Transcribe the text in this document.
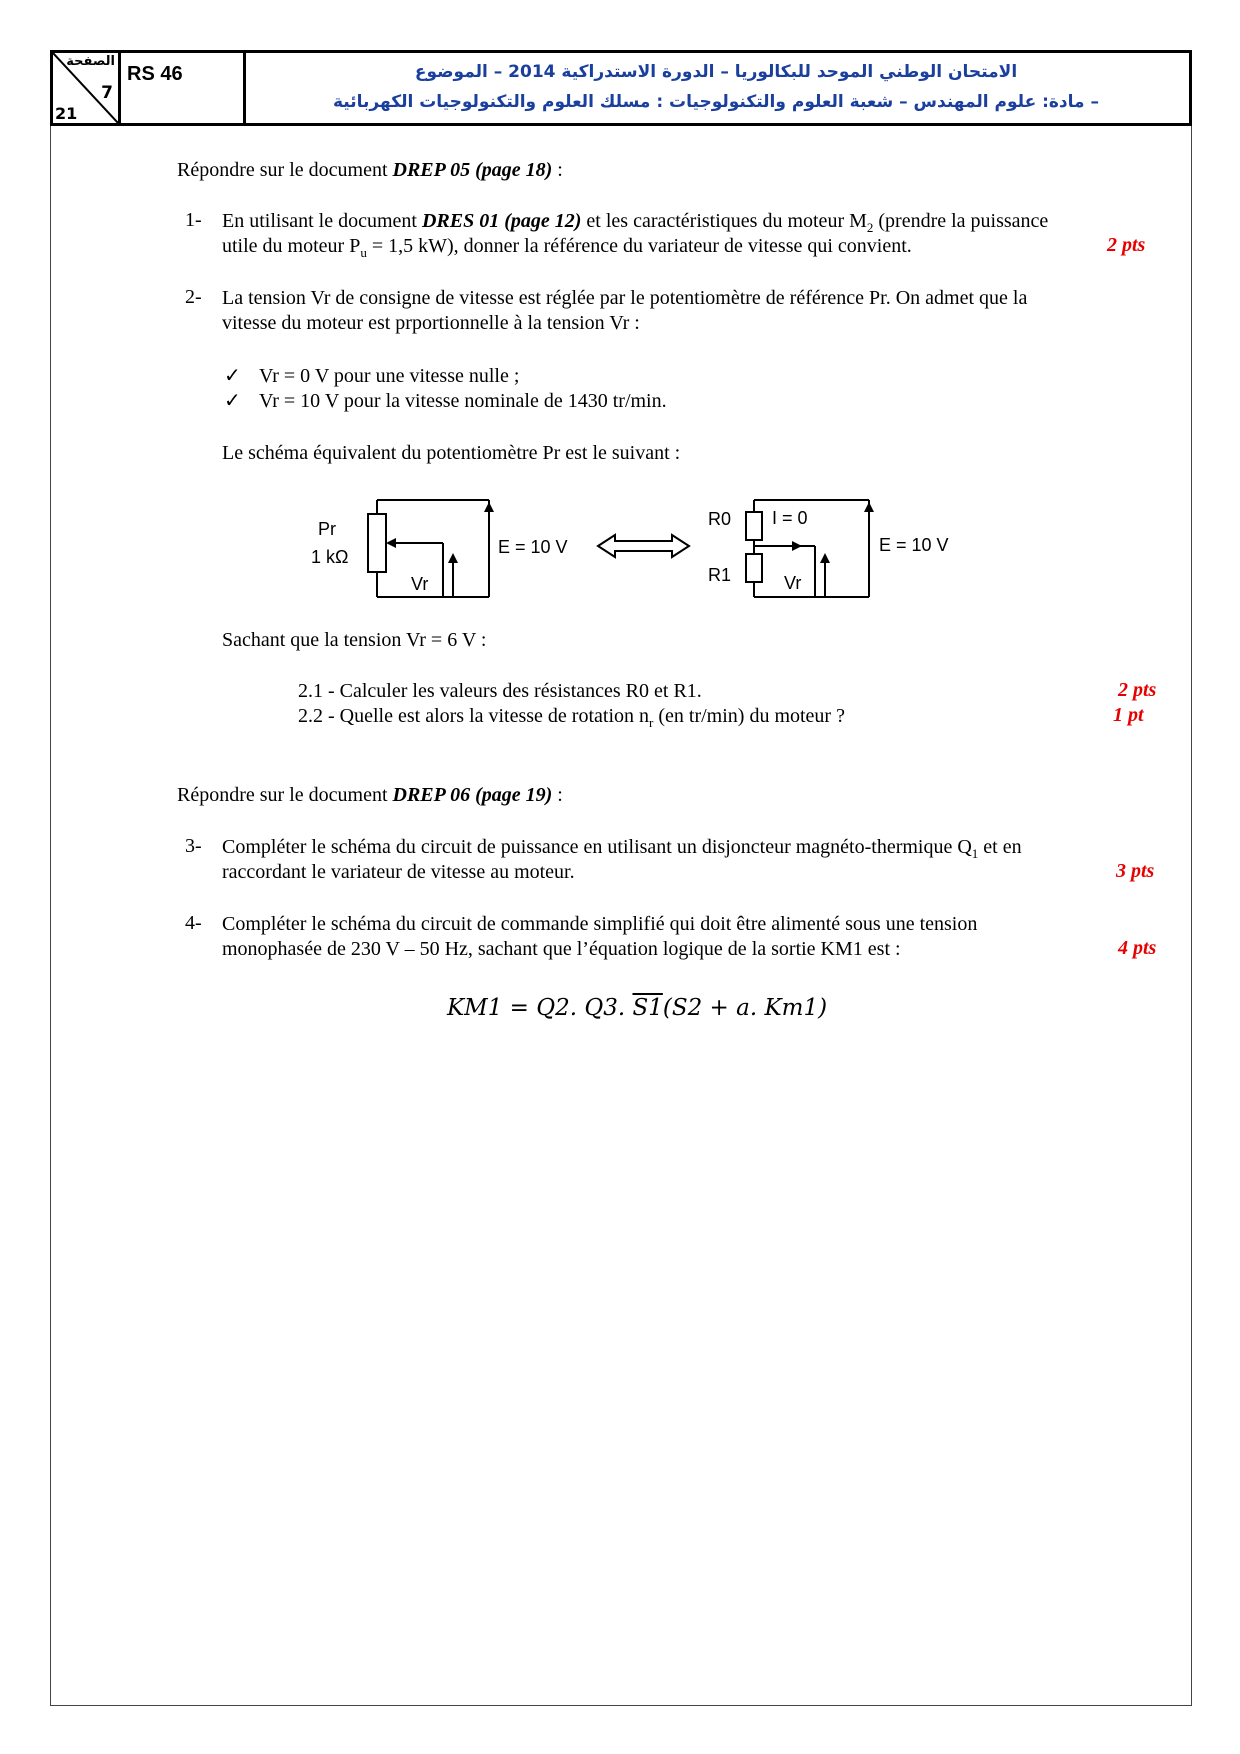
الصفحة
7
21
RS 46	الامتحان الوطني الموحد للبكالوريا – الدورة الاستدراكية 2014 – الموضوع
– مادة: علوم المهندس – شعبة العلوم والتكنولوجيات : مسلك العلوم والتكنولوجيات الكهربائية
Répondre sur le document DREP 05 (page 18) :
1- En utilisant le document DRES 01 (page 12) et les caractéristiques du moteur $M_2$ (prendre la puissance
utile du moteur $P_u = 1,5$ kW), donner la référence du variateur de vitesse qui convient.	2 pts
2- La tension Vr de consigne de vitesse est réglée par le potentiomètre de référence Pr. On admet que la
vitesse du moteur est prportionnelle à la tension Vr :
✓ Vr = 0 V pour une vitesse nulle ;
✓ Vr = 10 V pour la vitesse nominale de 1430 tr/min.
Le schéma équivalent du potentiomètre Pr est le suivant :
Pr
1 kΩ
Vr
E = 10 V
R0
R1
I = 0
Vr
E = 10 V
Sachant que la tension Vr = 6 V :
2.1 - Calculer les valeurs des résistances R0 et R1.	2 pts
2.2 - Quelle est alors la vitesse de rotation $n_r$ (en tr/min) du moteur ?	1 pt
Répondre sur le document DREP 06 (page 19) :
3- Compléter le schéma du circuit de puissance en utilisant un disjoncteur magnéto-thermique $Q_1$ et en
raccordant le variateur de vitesse au moteur.	3 pts
4- Compléter le schéma du circuit de commande simplifié qui doit être alimenté sous une tension
monophasée de 230 V – 50 Hz, sachant que l’équation logique de la sortie KM1 est :	4 pts
KM1 = Q2. Q3. S1(S2 + a. Km1)
